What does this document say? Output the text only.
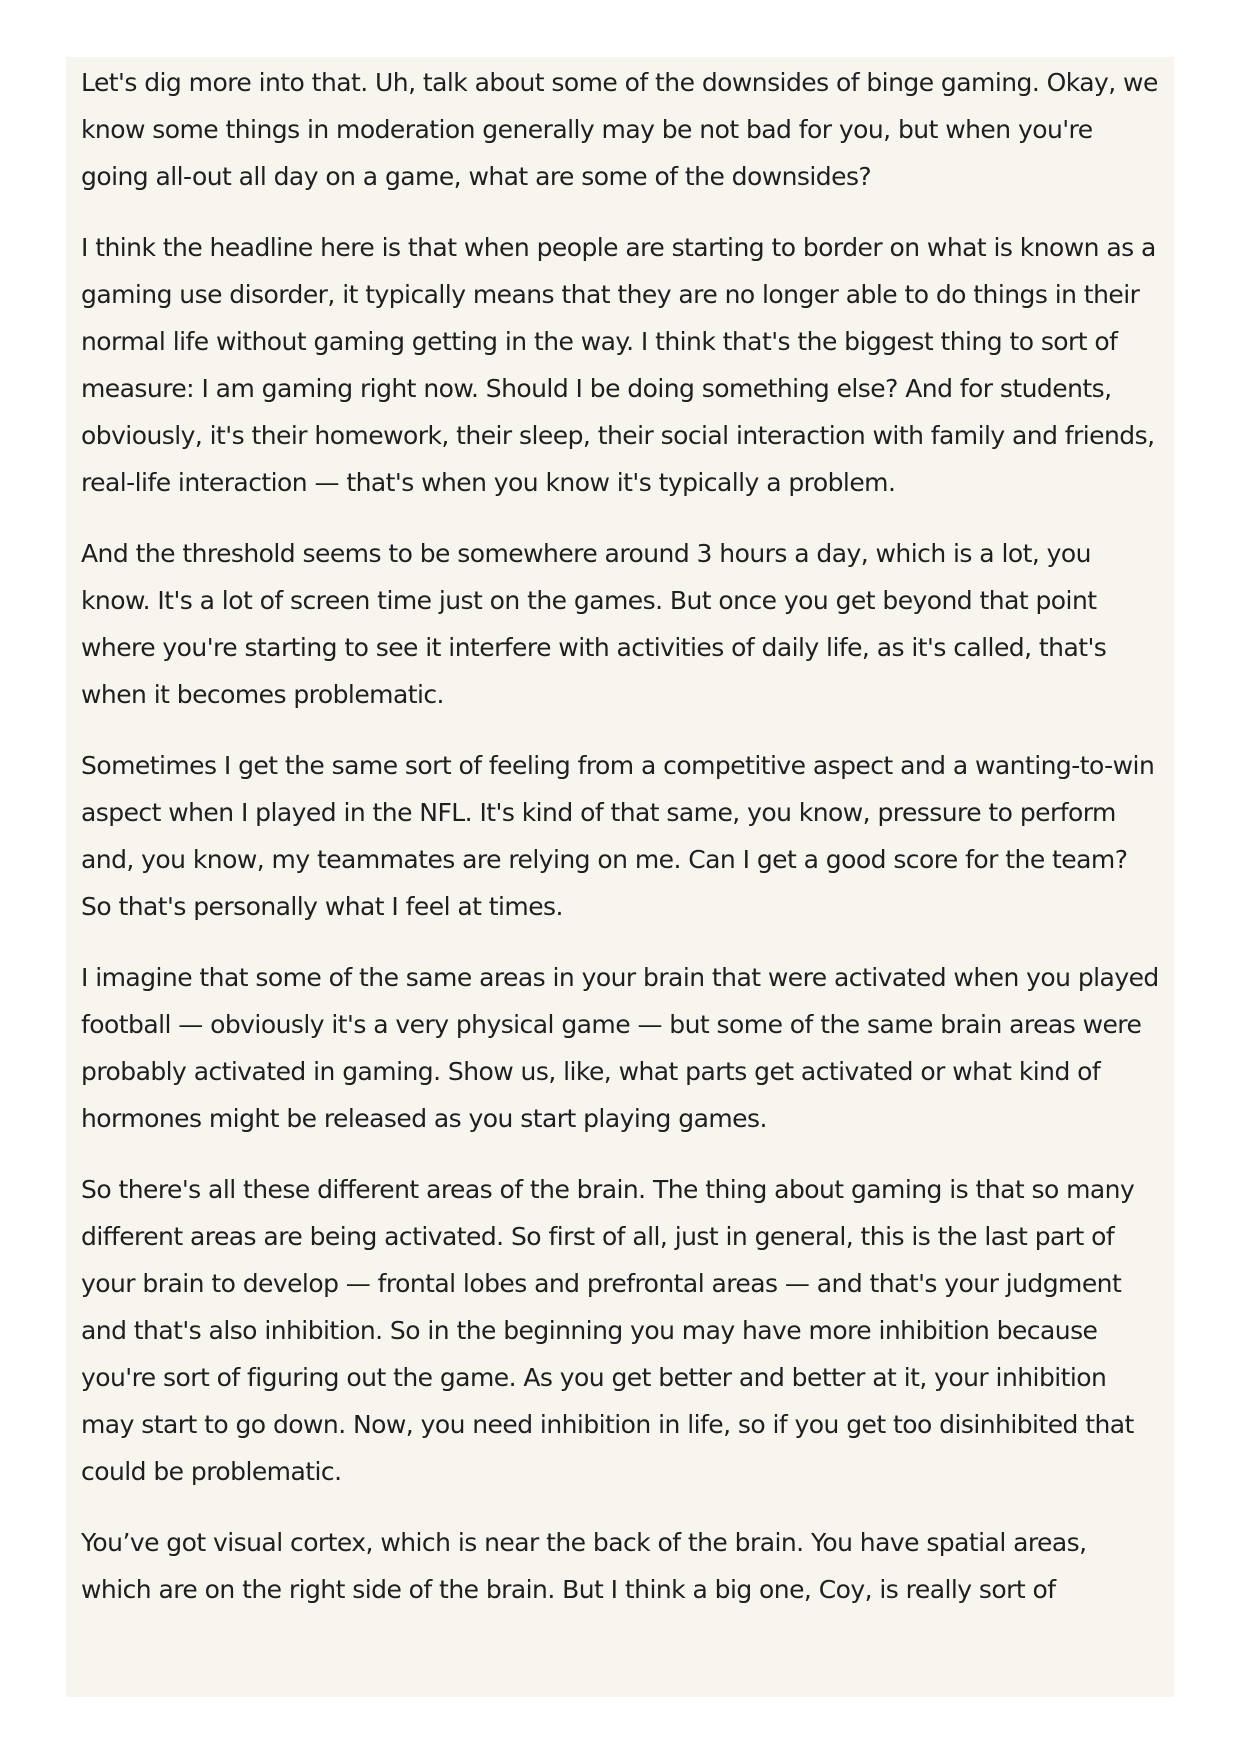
Let's dig more into that. Uh, talk about some of the downsides of binge gaming. Okay, we know some things in moderation generally may be not bad for you, but when you're going all-out all day on a game, what are some of the downsides?

I think the headline here is that when people are starting to border on what is known as a gaming use disorder, it typically means that they are no longer able to do things in their normal life without gaming getting in the way. I think that's the biggest thing to sort of measure: I am gaming right now. Should I be doing something else? And for students, obviously, it's their homework, their sleep, their social interaction with family and friends, real-life interaction — that's when you know it's typically a problem.

And the threshold seems to be somewhere around 3 hours a day, which is a lot, you know. It's a lot of screen time just on the games. But once you get beyond that point where you're starting to see it interfere with activities of daily life, as it's called, that's when it becomes problematic.

Sometimes I get the same sort of feeling from a competitive aspect and a wanting-to-win aspect when I played in the NFL. It's kind of that same, you know, pressure to perform and, you know, my teammates are relying on me. Can I get a good score for the team? So that's personally what I feel at times.

I imagine that some of the same areas in your brain that were activated when you played football — obviously it's a very physical game — but some of the same brain areas were probably activated in gaming. Show us, like, what parts get activated or what kind of hormones might be released as you start playing games.

So there's all these different areas of the brain. The thing about gaming is that so many different areas are being activated. So first of all, just in general, this is the last part of your brain to develop — frontal lobes and prefrontal areas — and that's your judgment and that's also inhibition. So in the beginning you may have more inhibition because you're sort of figuring out the game. As you get better and better at it, your inhibition may start to go down. Now, you need inhibition in life, so if you get too disinhibited that could be problematic.

You’ve got visual cortex, which is near the back of the brain. You have spatial areas, which are on the right side of the brain. But I think a big one, Coy, is really sort of
